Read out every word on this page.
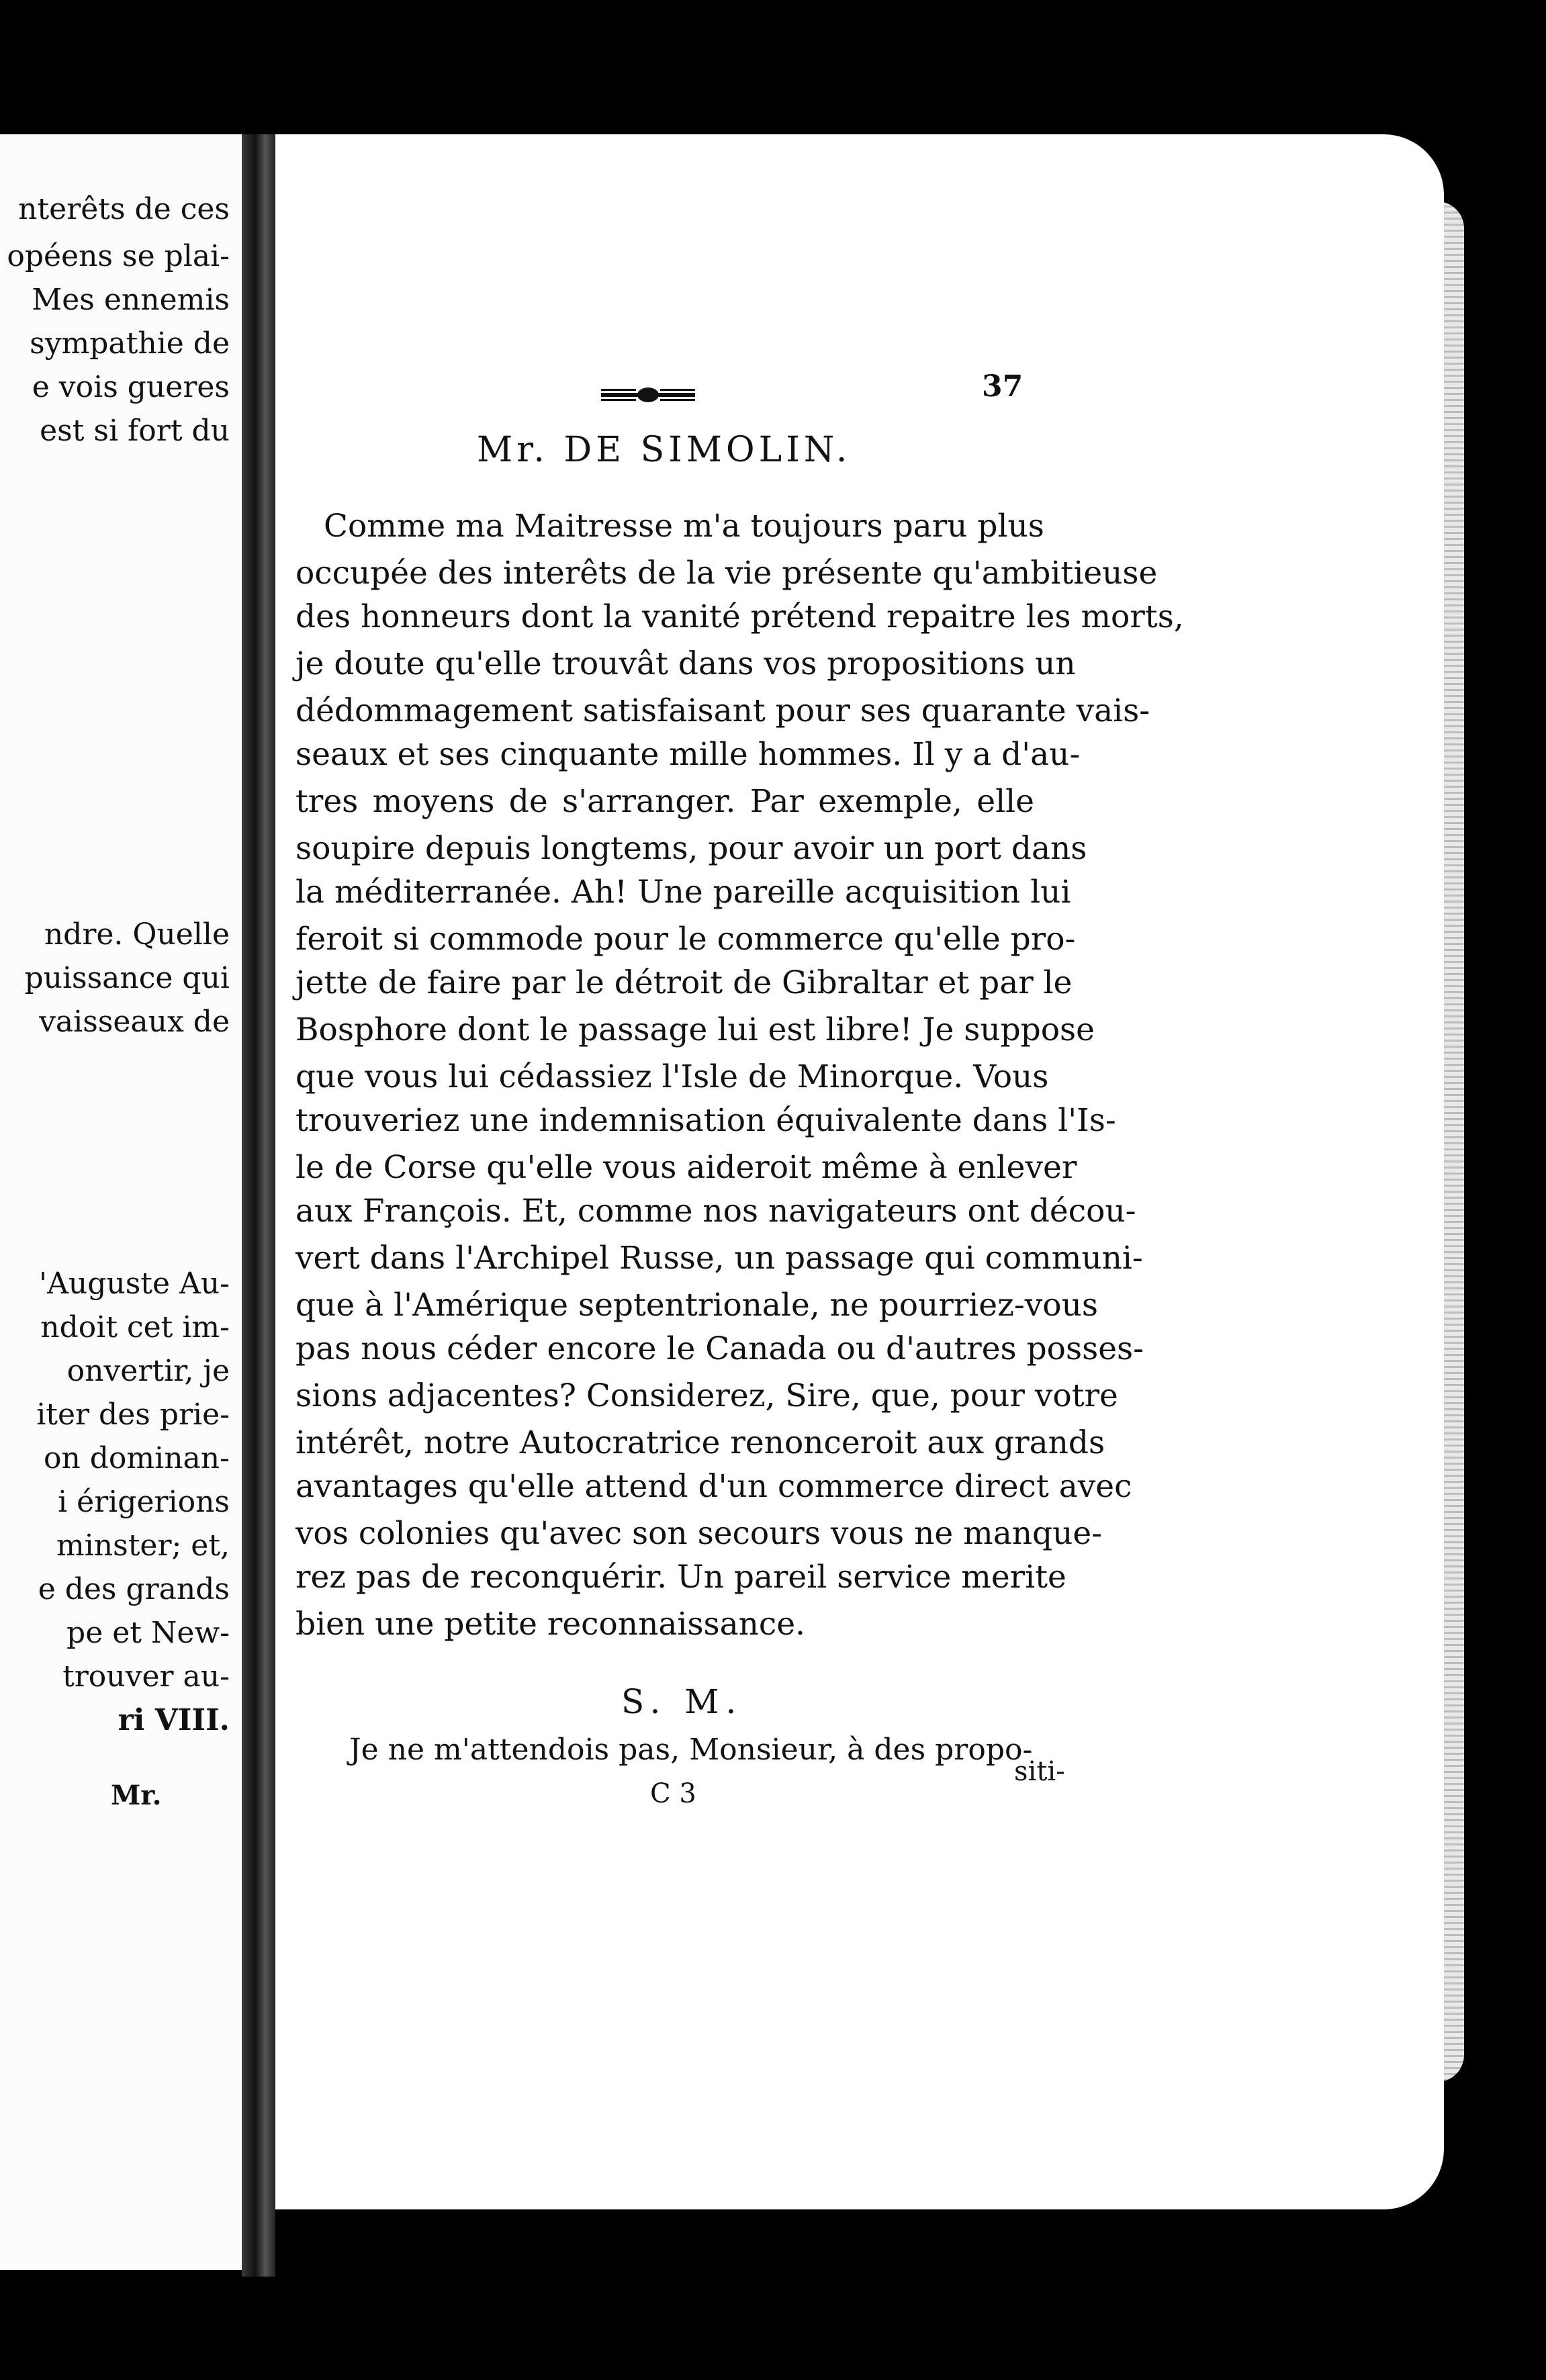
nterêts de ces
opéens se plai-
Mes ennemis
sympathie de
e vois gueres
est si fort du
ndre. Quelle
puissance qui
vaisseaux de
'Auguste Au-
ndoit cet im-
onvertir, je
iter des prie-
on dominan-
i érigerions
minster; et,
e des grands
pe et New-
trouver au-
ri VIII.
Mr.
37
Mr. DE SIMOLIN.
Comme ma Maitresse m'a toujours paru plus
occupée des interêts de la vie présente qu'ambitieuse
des honneurs dont la vanité prétend repaitre les morts,
je doute qu'elle trouvât dans vos propositions un
dédommagement satisfaisant pour ses quarante vais-
seaux et ses cinquante mille hommes. Il y a d'au-
tres moyens de s'arranger. Par exemple, elle
soupire depuis longtems, pour avoir un port dans
la méditerranée. Ah! Une pareille acquisition lui
feroit si commode pour le commerce qu'elle pro-
jette de faire par le détroit de Gibraltar et par le
Bosphore dont le passage lui est libre! Je suppose
que vous lui cédassiez l'Isle de Minorque. Vous
trouveriez une indemnisation équivalente dans l'Is-
le de Corse qu'elle vous aideroit même à enlever
aux François. Et, comme nos navigateurs ont décou-
vert dans l'Archipel Russe, un passage qui communi-
que à l'Amérique septentrionale, ne pourriez-vous
pas nous céder encore le Canada ou d'autres posses-
sions adjacentes? Considerez, Sire, que, pour votre
intérêt, notre Autocratrice renonceroit aux grands
avantages qu'elle attend d'un commerce direct avec
vos colonies qu'avec son secours vous ne manque-
rez pas de reconquérir. Un pareil service merite
bien une petite reconnaissance.
S. M.
Je ne m'attendois pas, Monsieur, à des propo-
C 3
siti-
